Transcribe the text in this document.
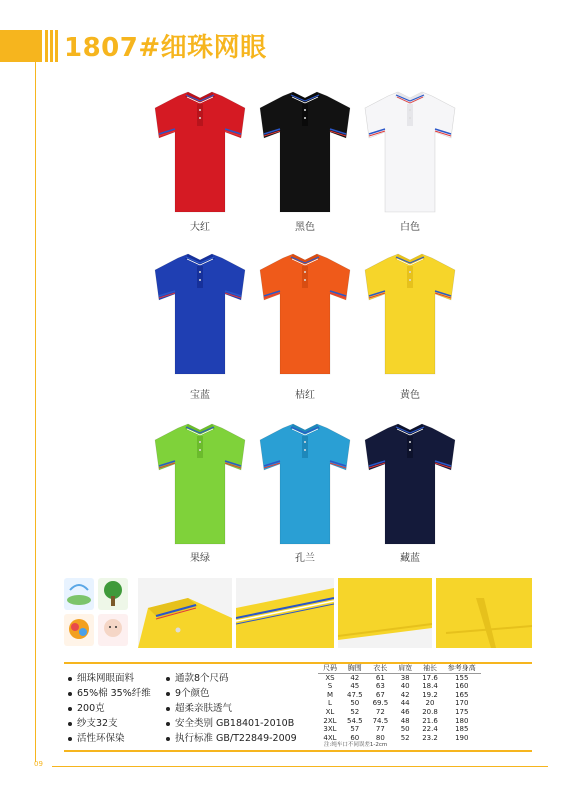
1807#细珠网眼
大红	黑色	白色
宝蓝	桔红	黄色
果绿	孔兰	藏蓝
细珠网眼面料
65%棉 35%纤维
200克
纱支32支
活性环保染
通款8个尺码
9个颜色
超柔亲肤透气
安全类别 GB18401-2010B
执行标准 GB/T22849-2009
尺码	胸围	衣长	肩宽	袖长	参考身高
XS	42	61	38	17.6	155
S	45	63	40	18.4	160
M	47.5	67	42	19.2	165
L	50	69.5	44	20	170
XL	52	72	46	20.8	175
2XL	54.5	74.5	48	21.6	180
3XL	57	77	50	22.4	185
4XL	60	80	52	23.2	190
注:纯车口不同误差1-2cm
09
